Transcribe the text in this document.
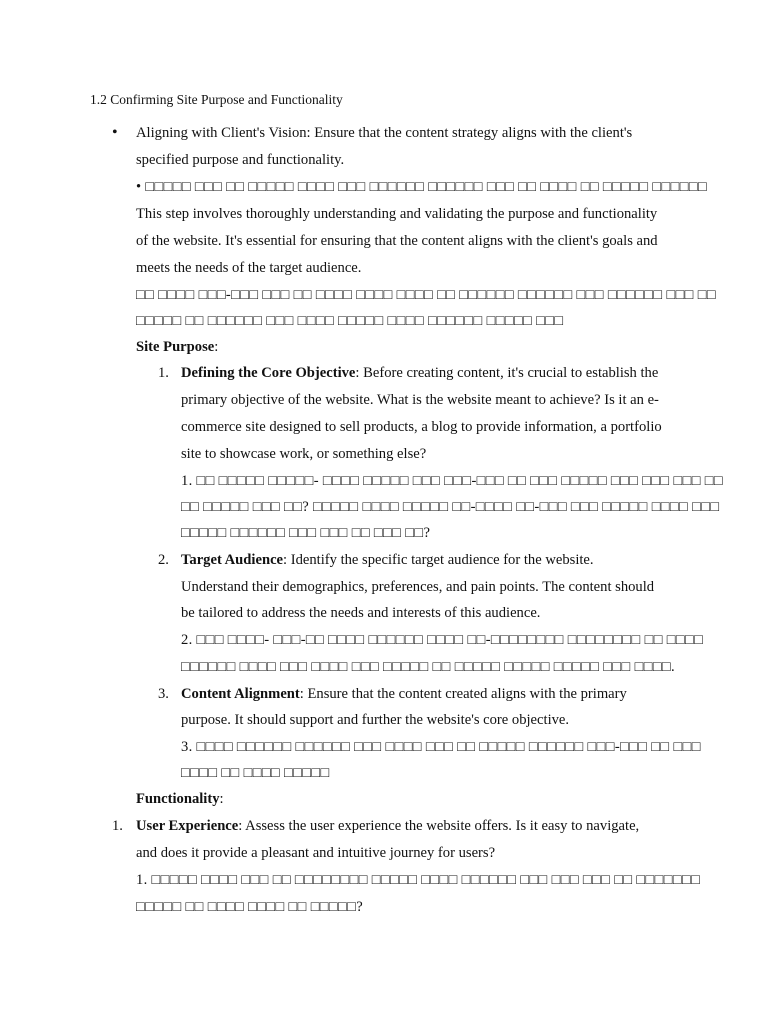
1.2 Confirming Site Purpose and Functionality
• Aligning with Client's Vision: Ensure that the content strategy aligns with the client's
specified purpose and functionality.
• □□□□□ □□□ □□ □□□□□ □□□□ □□□ □□□□□□ □□□□□□ □□□ □□ □□□□ □□ □□□□□ □□□□□□
This step involves thoroughly understanding and validating the purpose and functionality
of the website. It's essential for ensuring that the content aligns with the client's goals and
meets the needs of the target audience.
□□ □□□□ □□□-□□□ □□□ □□ □□□□ □□□□ □□□□ □□ □□□□□□ □□□□□□ □□□ □□□□□□ □□□ □□
□□□□□ □□ □□□□□□ □□□ □□□□ □□□□□ □□□□ □□□□□□ □□□□□ □□□
Site Purpose:
1. Defining the Core Objective: Before creating content, it's crucial to establish the
primary objective of the website. What is the website meant to achieve? Is it an e-
commerce site designed to sell products, a blog to provide information, a portfolio
site to showcase work, or something else?
1. □□ □□□□□ □□□□□- □□□□ □□□□□ □□□ □□□-□□□ □□ □□□ □□□□□ □□□ □□□ □□□ □□
□□ □□□□□ □□□ □□? □□□□□ □□□□ □□□□□ □□-□□□□ □□-□□□ □□□ □□□□□ □□□□ □□□
□□□□□ □□□□□□ □□□ □□□ □□ □□□ □□?
2. Target Audience: Identify the specific target audience for the website.
Understand their demographics, preferences, and pain points. The content should
be tailored to address the needs and interests of this audience.
2. □□□ □□□□- □□□-□□ □□□□ □□□□□□ □□□□ □□-□□□□□□□□ □□□□□□□□ □□ □□□□
□□□□□□ □□□□ □□□ □□□□ □□□ □□□□□ □□ □□□□□ □□□□□ □□□□□ □□□ □□□□.
3. Content Alignment: Ensure that the content created aligns with the primary
purpose. It should support and further the website's core objective.
3. □□□□ □□□□□□ □□□□□□ □□□ □□□□ □□□ □□ □□□□□ □□□□□□ □□□-□□□ □□ □□□
□□□□ □□ □□□□ □□□□□
Functionality:
1. User Experience: Assess the user experience the website offers. Is it easy to navigate,
and does it provide a pleasant and intuitive journey for users?
1. □□□□□ □□□□ □□□ □□ □□□□□□□□ □□□□□ □□□□ □□□□□□ □□□ □□□ □□□ □□ □□□□□□□
□□□□□ □□ □□□□ □□□□ □□ □□□□□?
